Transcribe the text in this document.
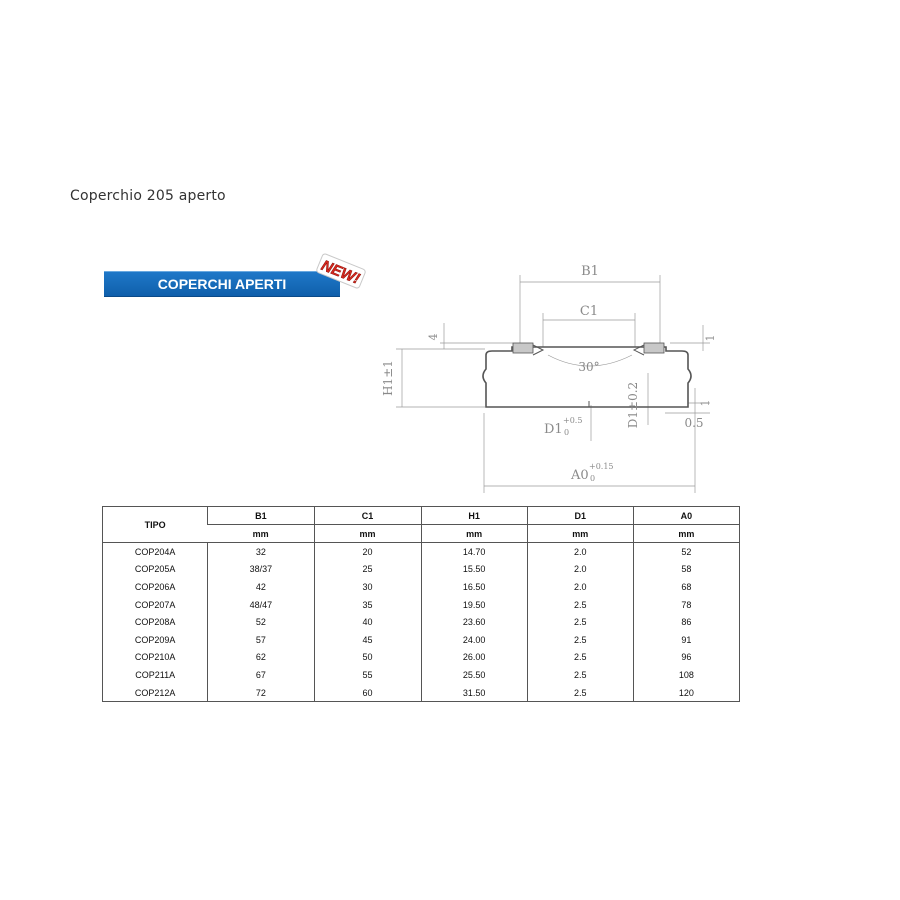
Coperchio 205 aperto
COPERCHI APERTI	NEW!	B1
C1
H1±1
4	1
1
D1±0.2	0.5
30°
D1
+0.5
0
A0
+0.15
0
TIPO	B1	C1	H1	D1	A0
	mm	mm	mm	mm	mm
COP204A	32	20	14.70	2.0	52
COP205A	38/37	25	15.50	2.0	58
COP206A	42	30	16.50	2.0	68
COP207A	48/47	35	19.50	2.5	78
COP208A	52	40	23.60	2.5	86
COP209A	57	45	24.00	2.5	91
COP210A	62	50	26.00	2.5	96
COP211A	67	55	25.50	2.5	108
COP212A	72	60	31.50	2.5	120
